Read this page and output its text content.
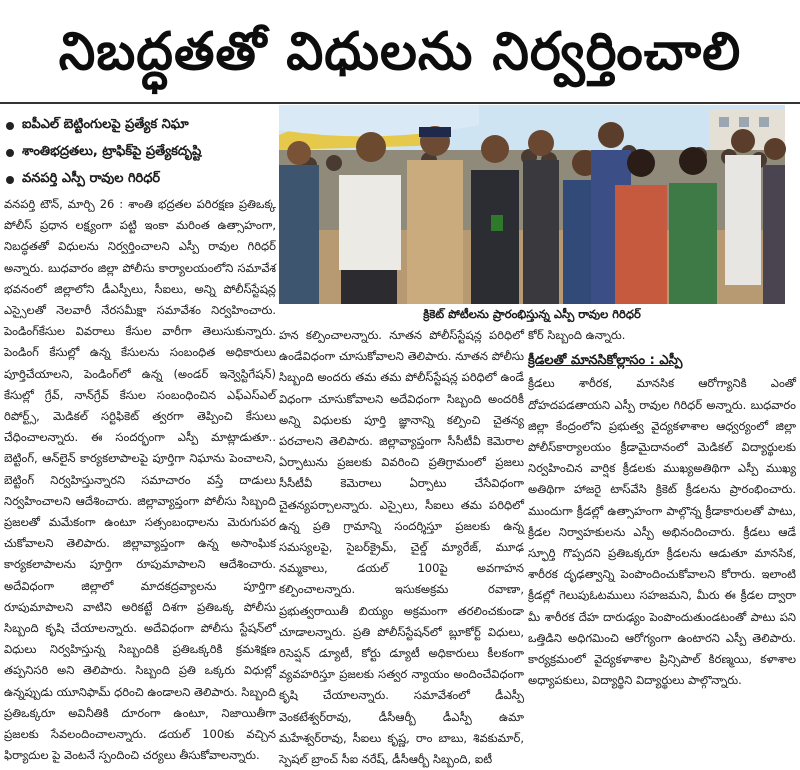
నిబద్ధతతో విధులను నిర్వర్తించాలి
ఐపీఎల్ బెట్టింగులపై ప్రత్యేక నిఘా
శాంతిభద్రతలు, ట్రాఫిక్‌పై ప్రత్యేకదృష్టి
వనపర్తి ఎస్పీ రావుల గిరిధర్

వనపర్తి టౌన్, మార్చి 26 : శాంతి భద్రతల పరిరక్షణ ప్రతిఒక్క పోలీస్ ప్రధాన లక్ష్యంగా పట్టి ఇంకా మరింత ఉత్సాహంగా, నిబద్ధతతో విధులను నిర్వర్తించాలని ఎస్పీ రావుల గిరిధర్ అన్నారు. బుధవారం జిల్లా పోలీసు కార్యాలయంలోని సమావేశ భవనంలో జిల్లాలోని డీఎస్పీలు, సీఐలు, అన్ని పోలీస్‌స్టేషన్ల ఎస్సైలతో నెలవారీ నేరసమీక్షా సమావేశం నిర్వహించారు. పెండింగ్‌కేసుల వివరాలు కేసుల వారీగా తెలుసుకున్నారు. పెండింగ్ కేసుల్లో ఉన్న కేసులను సంబంధిత అధికారులు పూర్తిచేయాలని, పెండింగ్‌లో ఉన్న (అండర్ ఇన్వెస్టిగేషన్) కేసుల్లో గ్రేవ్, నాన్‌గ్రేవ్ కేసుల సంబంధించిన ఎఫ్ఎస్ఎల్ రిపోర్ట్స్, మెడికల్ సర్టిఫికెట్ త్వరగా తెప్పించి కేసులు చేధించాలన్నారు. ఈ సందర్భంగా ఎస్పీ మాట్లాడుతూ.. బెట్టింగ్, ఆన్‌లైన్ కార్యకలాపాలపై పూర్తిగా నిఘాను పెంచాలని, బెట్టింగ్ నిర్వహిస్తున్నారని సమాచారం వస్తే దాడులు నిర్వహించాలని ఆదేశించారు. జిల్లావ్యాప్తంగా పోలీసు సిబ్బంది ప్రజలతో మమేకంగా ఉంటూ సత్సంబంధాలను మెరుగుపర చుకోవాలని తెలిపారు. జిల్లావ్యాప్తంగా ఉన్న అసాంఘిక కార్యకలాపాలను పూర్తిగా రూపుమాపాలని ఆదేశించారు. అదేవిధంగా జిల్లాలో మాదకద్రవ్యాలను పూర్తిగా రూపుమాపాలని వాటిని అరికట్టే దిశగా ప్రతిఒక్క పోలీసు సిబ్బంది కృషి చేయాలన్నారు. అదేవిధంగా పోలీసు స్టేషన్‌లో విధులు నిర్వహిస్తున్న సిబ్బందికి ప్రతిఒక్కరికి క్రమశిక్షణ తప్పనిసరి అని తెలిపారు. సిబ్బంది ప్రతి ఒక్కరు విధుల్లో ఉన్నప్పుడు యూనిఫామ్ ధరించి ఉండాలని తెలిపారు. సిబ్బంది ప్రతిఒక్కరూ అవినీతికి దూరంగా ఉంటూ, నిజాయితీగా ప్రజలకు సేవలందించాలన్నారు. డయల్ 100కు వచ్చిన ఫిర్యాదుల పై వెంటనే స్పందించి చర్యలు తీసుకోవాలన్నారు.

క్రికెట్ పోటీలను ప్రారంభిస్తున్న ఎస్పీ రావుల గిరిధర్

హన కల్పించాలన్నారు. నూతన పోలీస్‌స్టేషన్ల పరిధిలో ఉండేవిధంగా చూసుకోవాలని తెలిపారు. నూతన పోలీసు సిబ్బంది అందరు తమ తమ పోలీస్‌స్టేషన్ల పరిధిలో ఉండే విధంగా చూసుకోవాలని అదేవిధంగా సిబ్బంది అందరికీ అన్ని విధులకు పూర్తి జ్ఞానాన్ని కల్పించి చైతన్య పరచాలని తెలిపారు. జిల్లావ్యాప్తంగా సీసీటీవీ కెమెరాల ఏర్పాటును ప్రజలకు వివరించి ప్రతిగ్రామంలో ప్రజలు సీసీటీవీ కెమెరాలు ఏర్పాటు చేసేవిధంగా చైతన్యపర్చాలన్నారు. ఎస్సైలు, సీఐలు తమ పరిధిలో ఉన్న ప్రతి గ్రామాన్ని సందర్శిస్తూ ప్రజలకు ఉన్న సమస్యలపై, సైబర్‌క్రైమ్, చైల్డ్ మ్యారేజ్, మూఢ నమ్మకాలు, డయల్ 100పై అవగాహన కల్పించాలన్నారు. ఇసుకఅక్రమ రవాణా, ప్రభుత్వరాయితీ బియ్యం అక్రమంగా తరలించకుండా చూడాలన్నారు. ప్రతి పోలీస్‌స్టేషన్‌లో బ్లూకోర్ట్ విధులు, రిసెప్షన్ డ్యూటీ, కోర్టు డ్యూటీ అధికారులు కీలకంగా వ్యవహరిస్తూ ప్రజలకు సత్వర న్యాయం అందించేవిధంగా కృషి చేయాలన్నారు. సమావేశంలో డీఎస్పీ వెంకటేశ్వర్‌రావు, డీసీఆర్బీ డీఎస్పీ ఉమా మహేశ్వర్‌రావు, సీఐలు కృష్ణ, రాం బాబు, శివకుమార్, స్పెషల్ బ్రాంచ్ సీఐ నరేష్, డీసీఆర్బీ సిబ్బంది, ఐటీ

కోర్ సిబ్బంది ఉన్నారు.

క్రీడలతో మానసికోల్లాసం : ఎస్పీ

క్రీడలు శారీరక, మానసిక ఆరోగ్యానికి ఎంతో దోహదపడతాయని ఎస్పీ రావుల గిరిధర్ అన్నారు. బుధవారం జిల్లా కేంద్రంలోని ప్రభుత్వ వైద్యకళాశాల ఆధ్వర్యంలో జిల్లా పోలీస్‌కార్యాలయం క్రీడామైదానంలో మెడికల్ విద్యార్థులకు నిర్వహించిన వార్షిక క్రీడలకు ముఖ్యఅతిథిగా ఎస్పీ ముఖ్య అతిథిగా హాజరై టాస్‌వేసి క్రికెట్ క్రీడలను ప్రారంభించారు. ముందుగా క్రీడల్లో ఉత్సాహంగా పాల్గొన్న క్రీడాకారులతో పాటు, క్రీడల నిర్వాహకులను ఎస్పీ అభినందించారు. క్రీడలు ఆడే స్ఫూర్తి గొప్పదని ప్రతిఒక్కరూ క్రీడలను ఆడుతూ మానసిక, శారీరక దృఢత్వాన్ని పెంపొందించుకోవాలని కోరారు. ఇలాంటి క్రీడల్లో గెలుపుఓటములు సహజమని, మీరు ఈ క్రీడల ద్వారా మీ శారీరక దేహ దారుఢ్యం పెంపొందుతుండటంతో పాటు పని ఒత్తిడిని అధిగమించి ఆరోగ్యంగా ఉంటారని ఎస్పీ తెలిపారు. కార్యక్రమంలో వైద్యకళాశాల ప్రిన్సిపాల్ కిరణ్మయి, కళాశాల అధ్యాపకులు, విద్యార్థిని విద్యార్థులు పాల్గొన్నారు.
